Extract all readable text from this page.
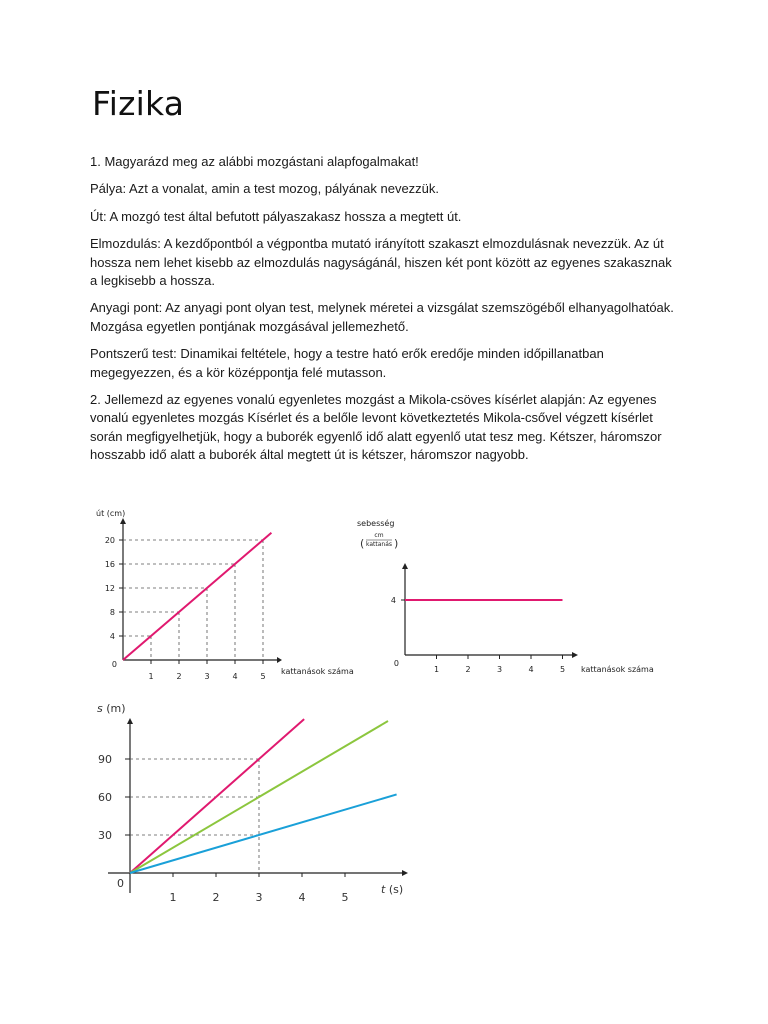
Fizika

1. Magyarázd meg az alábbi mozgástani alapfogalmakat!

Pálya: Azt a vonalat, amin a test mozog, pályának nevezzük.

Út: A mozgó test által befutott pályaszakasz hossza a megtett út.

Elmozdulás: A kezdőpontból a végpontba mutató irányított szakaszt elmozdulásnak nevezzük. Az út hossza nem lehet kisebb az elmozdulás nagyságánál, hiszen két pont között az egyenes szakasznak a legkisebb a hossza.

Anyagi pont: Az anyagi pont olyan test, melynek méretei a vizsgálat szemszögéből elhanyagolhatóak. Mozgása egyetlen pontjának mozgásával jellemezhető.

Pontszerű test: Dinamikai feltétele, hogy a testre ható erők eredője minden időpillanatban megegyezzen, és a kör középpontja felé mutasson.

2. Jellemezd az egyenes vonalú egyenletes mozgást a Mikola-csöves kísérlet alapján: Az egyenes vonalú egyenletes mozgás Kísérlet és a belőle levont következtetés Mikola-csővel végzett kísérlet során megfigyelhetjük, hogy a buborék egyenlő idő alatt egyenlő utat tesz meg. Kétszer, háromszor hosszabb idő alatt a buborék által megtett út is kétszer, háromszor nagyobb.

1	2	3	4	5
4
8
12
16
20
0
út (cm)
kattanások száma	1	2	3	4	5
4
0
sebesség
(
cm
kattanás )
kattanások száma
30
60
90
1	2	3	4	5
0
s (m)
t (s)
